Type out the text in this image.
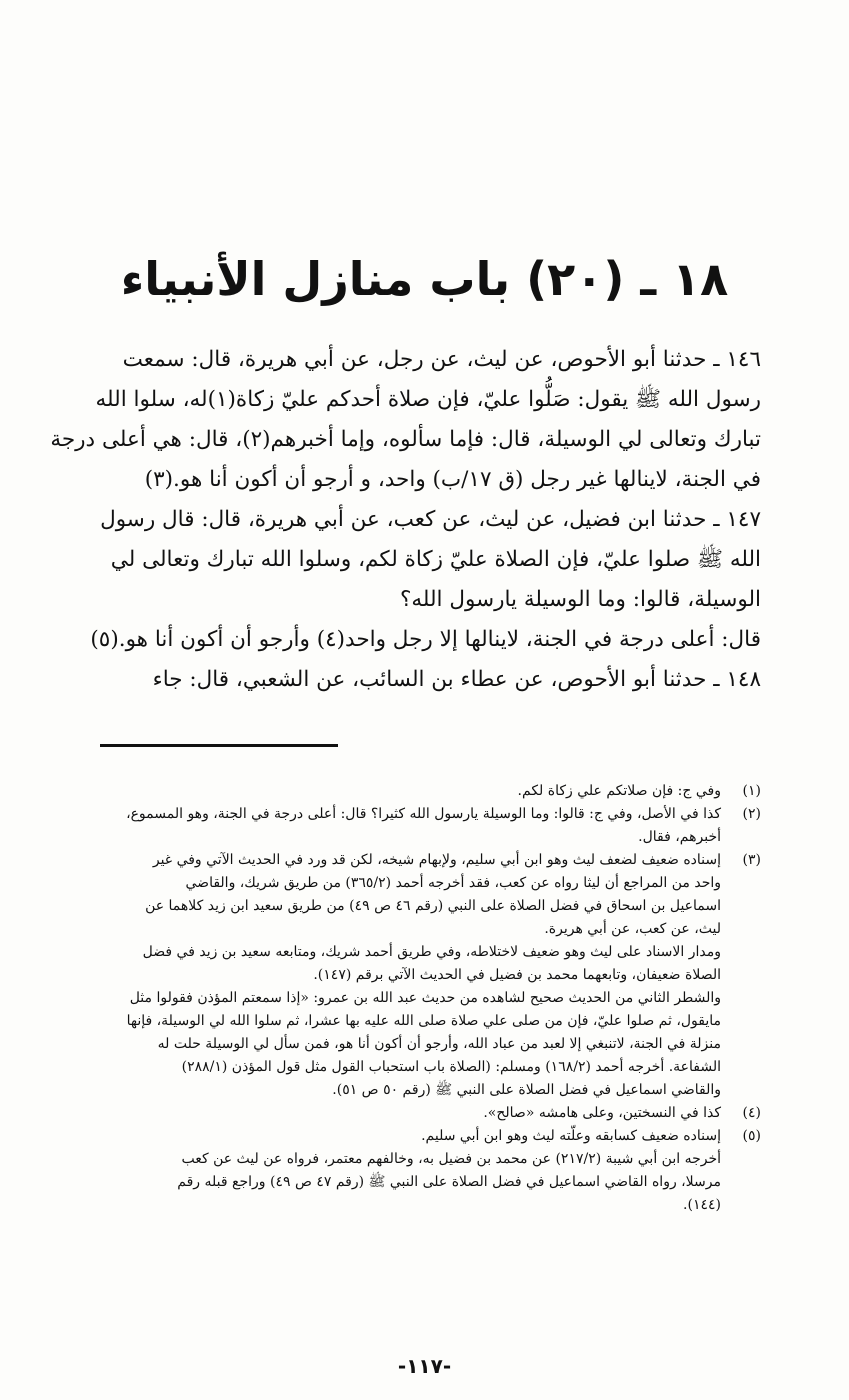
١٨ ـ (٢٠) باب منازل الأنبياء
١٤٦ ـ حدثنا أبو الأحوص، عن ليث، عن رجل، عن أبي هريرة، قال: سمعت
رسول الله ﷺ يقول: صَلُّوا عليّ، فإن صلاة أحدكم عليّ زكاة(١)له، سلوا الله
تبارك وتعالى لي الوسيلة، قال: فإما سألوه، وإما أخبرهم(٢)، قال: هي أعلى درجة
في الجنة، لاينالها غير رجل (ق ١٧/ب) واحد، و أرجو أن أكون أنا هو.(٣)
١٤٧ ـ حدثنا ابن فضيل، عن ليث، عن كعب، عن أبي هريرة، قال: قال رسول
الله ﷺ صلوا عليّ، فإن الصلاة عليّ زكاة لكم، وسلوا الله تبارك وتعالى لي
الوسيلة، قالوا: وما الوسيلة يارسول الله؟
قال: أعلى درجة في الجنة، لاينالها إلا رجل واحد(٤) وأرجو أن أكون أنا هو.(٥)
١٤٨ ـ حدثنا أبو الأحوص، عن عطاء بن السائب، عن الشعبي، قال: جاء
(١)
وفي ج: فإن صلاتكم علي زكاة لكم.
(٢)
كذا في الأصل، وفي ج: قالوا: وما الوسيلة يارسول الله كثيرا؟ قال: أعلى درجة في الجنة، وهو المسموع،
أخبرهم، فقال.
(٣)
إسناده ضعيف لضعف ليث وهو ابن أبي سليم، ولإبهام شيخه، لكن قد ورد في الحديث الآتي وفي غير
واحد من المراجع أن ليثا رواه عن كعب، فقد أخرجه أحمد (٣٦٥/٢) من طريق شريك، والقاضي
اسماعيل بن اسحاق في فضل الصلاة على النبي (رقم ٤٦ ص ٤٩) من طريق سعيد ابن زيد كلاهما عن
ليث، عن كعب، عن أبي هريرة.
ومدار الاسناد على ليث وهو ضعيف لاختلاطه، وفي طريق أحمد شريك، ومتابعه سعيد بن زيد في فضل
الصلاة ضعيفان، وتابعهما محمد بن فضيل في الحديث الآتي برقم (١٤٧).
والشطر الثاني من الحديث صحيح لشاهده من حديث عبد الله بن عمرو: «إذا سمعتم المؤذن فقولوا مثل
مايقول، ثم صلوا عليّ، فإن من صلى علي صلاة صلى الله عليه بها عشرا، ثم سلوا الله لي الوسيلة، فإنها
منزلة في الجنة، لاتنبغي إلا لعبد من عباد الله، وأرجو أن أكون أنا هو، فمن سأل لي الوسيلة حلت له
الشفاعة. أخرجه أحمد (١٦٨/٢) ومسلم: (الصلاة باب استحباب القول مثل قول المؤذن (٢٨٨/١)
والقاضي اسماعيل في فضل الصلاة على النبي ﷺ (رقم ٥٠ ص ٥١).
(٤)
كذا في النسختين، وعلى هامشه «صالح».
(٥)
إسناده ضعيف كسابقه وعلّته ليث وهو ابن أبي سليم.
أخرجه ابن أبي شيبة (٢١٧/٢) عن محمد بن فضيل به، وخالفهم معتمر، فرواه عن ليث عن كعب
مرسلا، رواه القاضي اسماعيل في فضل الصلاة على النبي ﷺ (رقم ٤٧ ص ٤٩) وراجع قبله رقم
(١٤٤).
-١١٧-
